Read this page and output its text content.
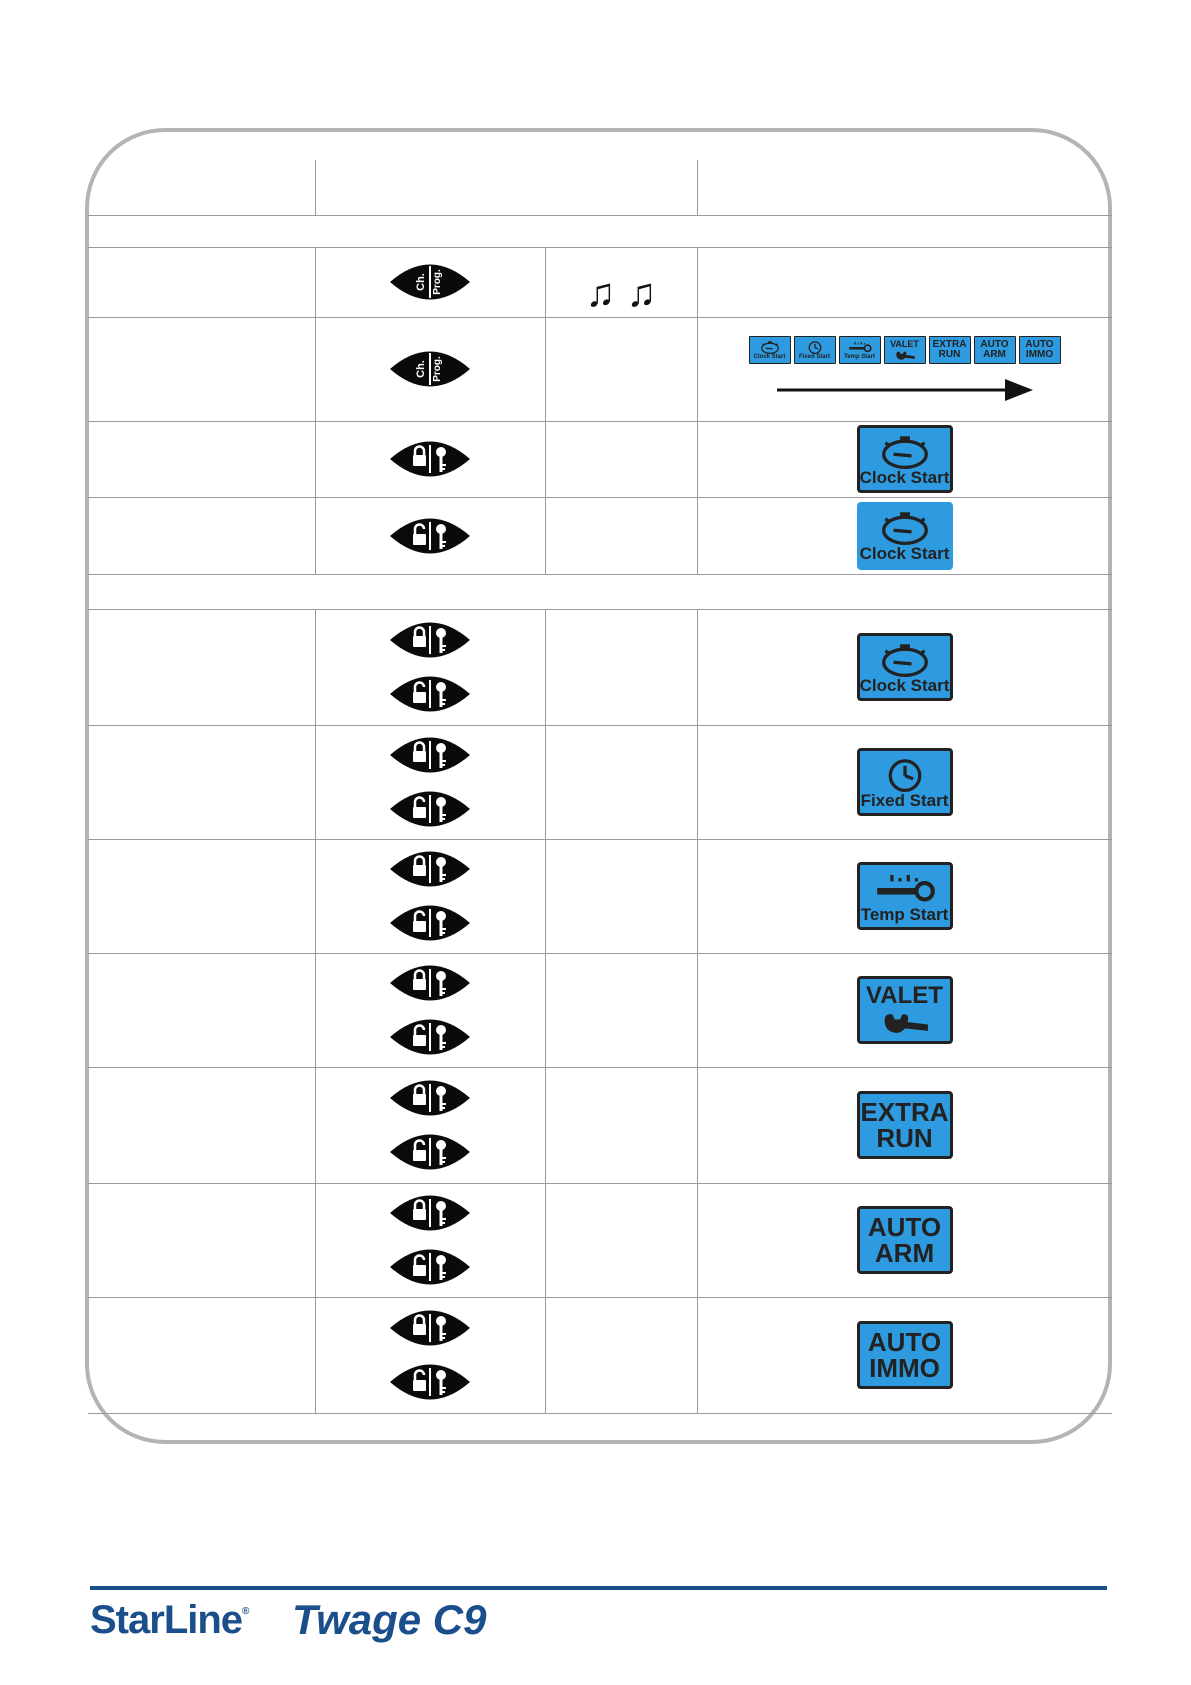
Ch. Prog.	♫ ♫
Ch. Prog.	Clock Start Fixed Start Temp Start
VALET EXTRA
RUN
AUTO
ARM
AUTO
IMMO
Clock Start
Clock Start
Clock Start
Fixed Start
Temp Start
VALET
EXTRA
RUN
AUTO
ARM
AUTO
IMMO
StarLine® Twage C9
